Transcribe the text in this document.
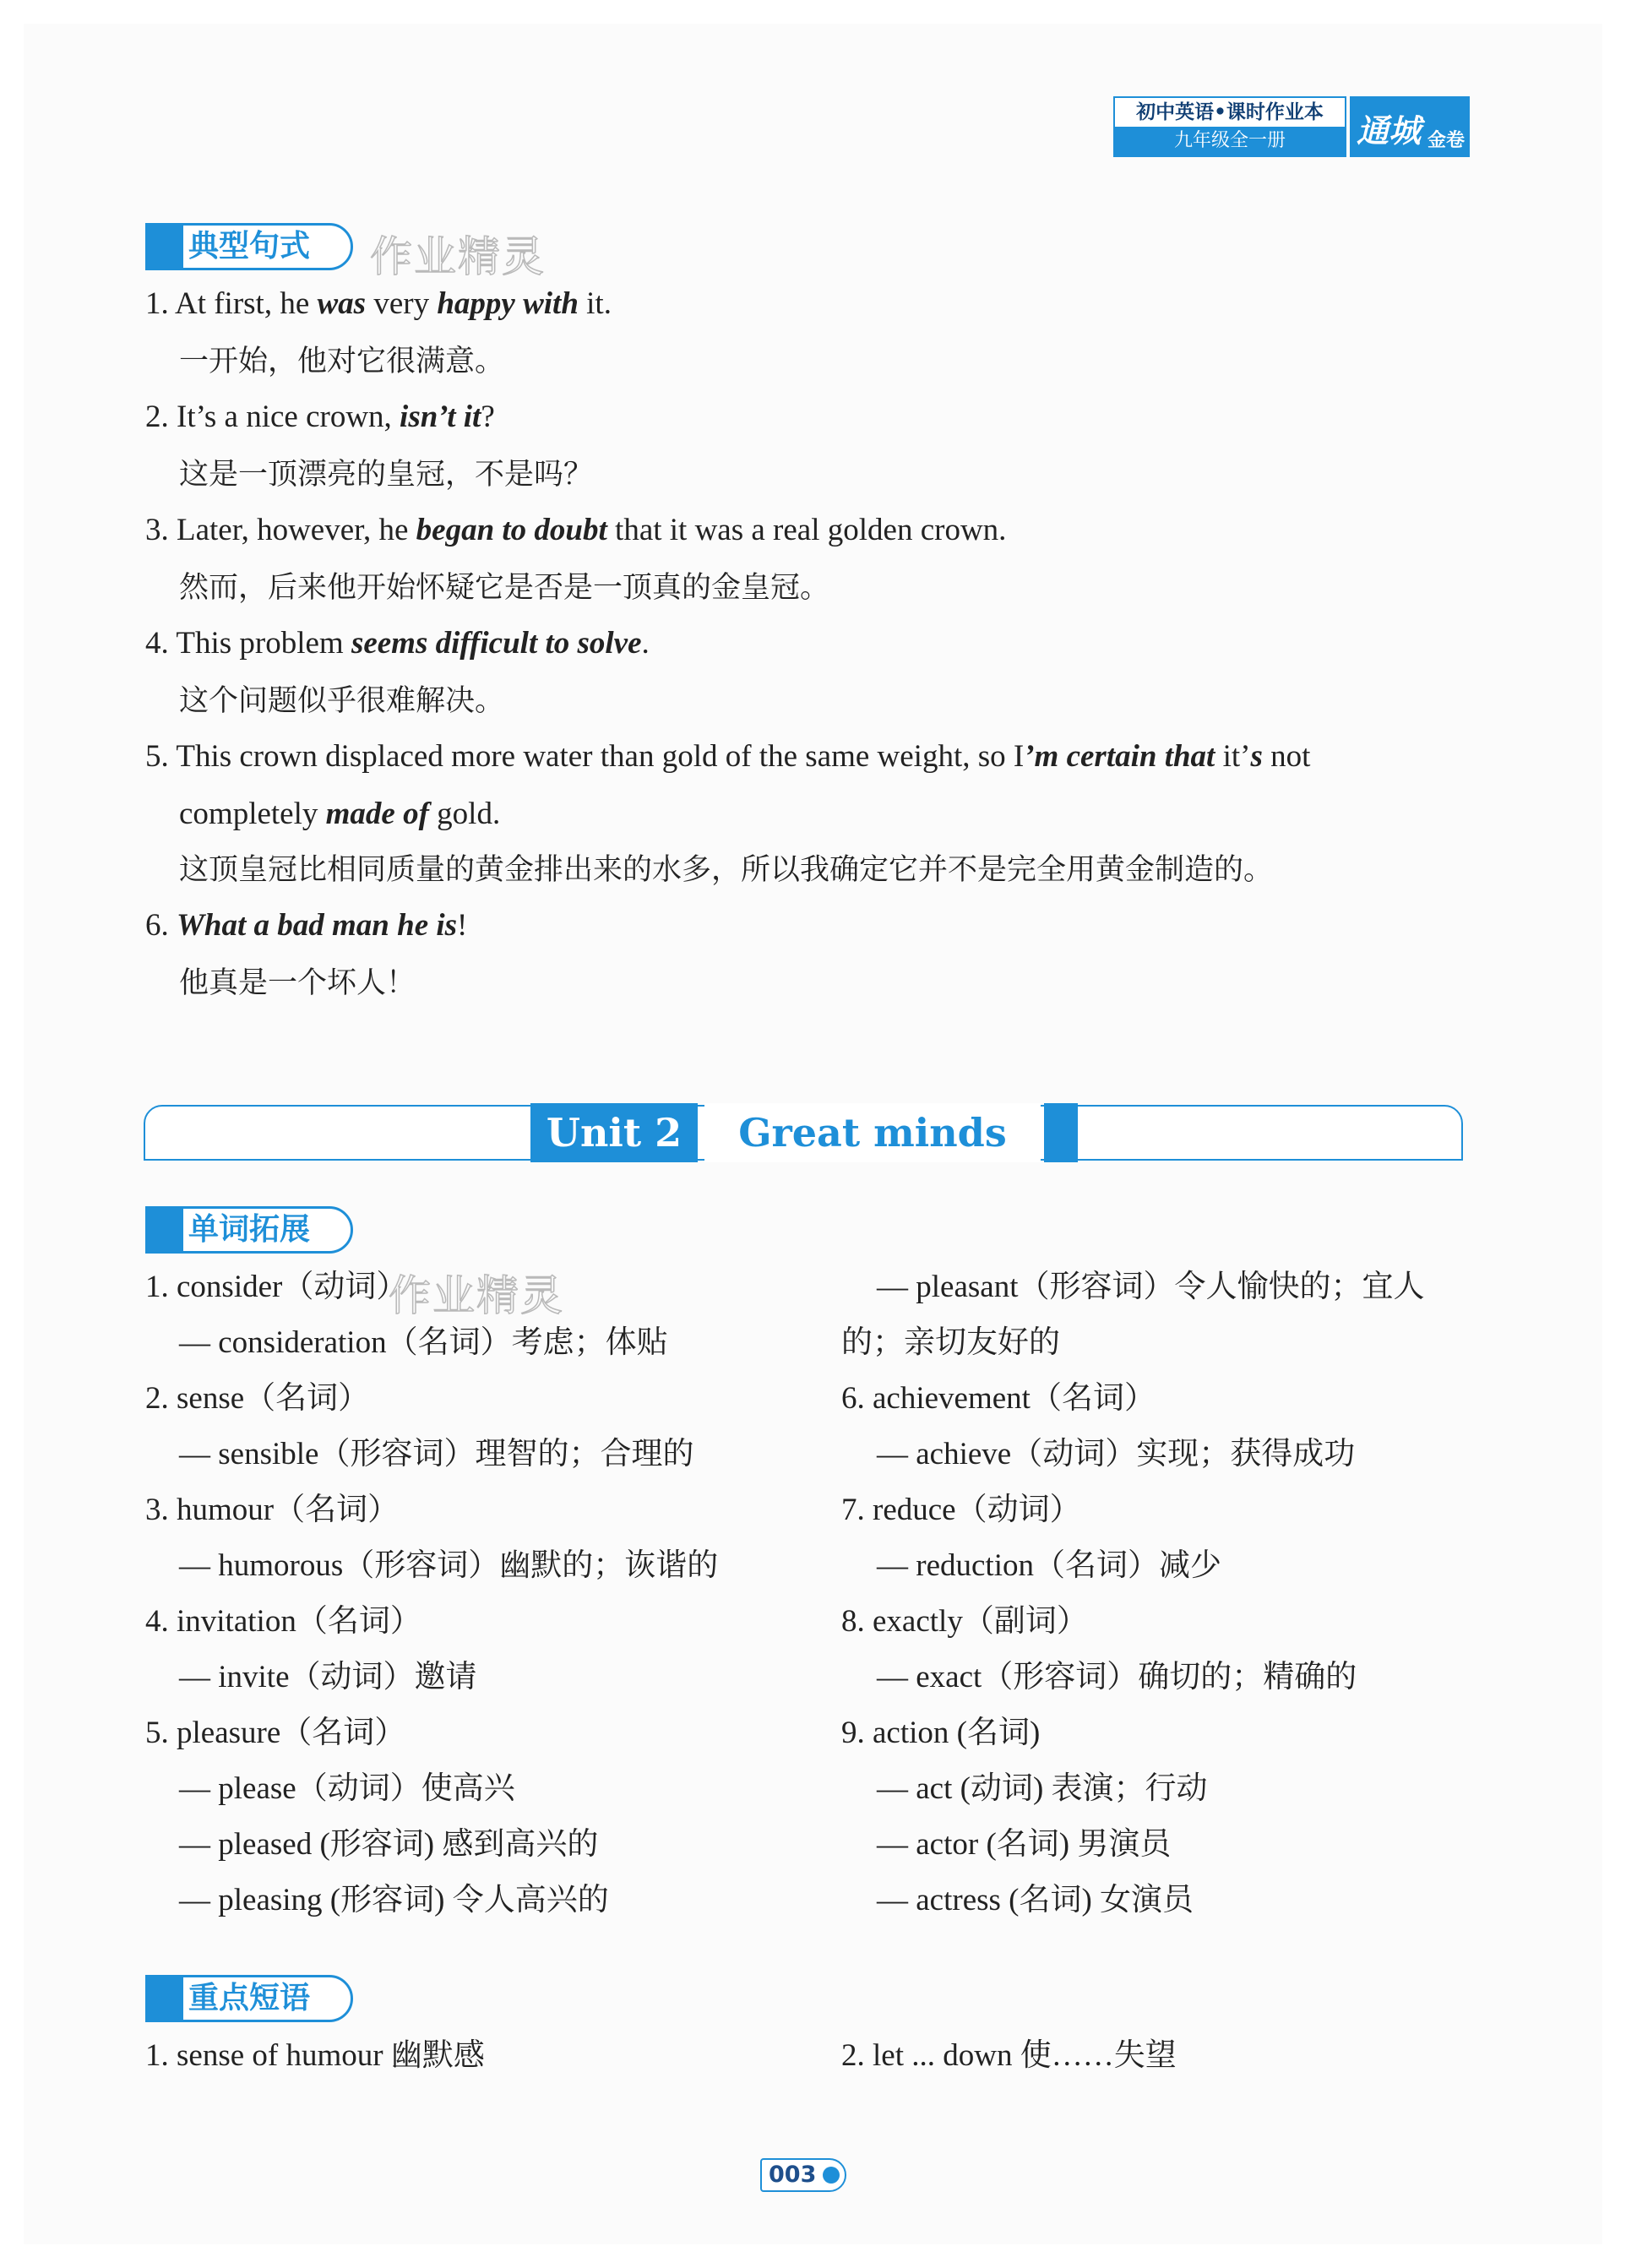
初中英语•课时作业本
九年级全一册	通城 金卷
典型句式 作业精灵
1. At first, he was very happy with it.
一开始，他对它很满意。
2. It’s a nice crown, isn’t it?
这是一顶漂亮的皇冠，不是吗？
3. Later, however, he began to doubt that it was a real golden crown.
然而，后来他开始怀疑它是否是一顶真的金皇冠。
4. This problem seems difficult to solve.
这个问题似乎很难解决。
5. This crown displaced more water than gold of the same weight, so I’m certain that it’s not
completely made of gold.
这顶皇冠比相同质量的黄金排出来的水多，所以我确定它并不是完全用黄金制造的。
6. What a bad man he is!
他真是一个坏人！
Unit 2	Great minds
单词拓展
作业精灵
1. consider（动词）
— consideration（名词）考虑；体贴
2. sense（名词）
— sensible（形容词）理智的；合理的
3. humour（名词）
— humorous（形容词）幽默的；诙谐的
4. invitation（名词）
— invite（动词）邀请
5. pleasure（名词）
— please（动词）使高兴
— pleased (形容词) 感到高兴的
— pleasing (形容词) 令人高兴的
— pleasant（形容词）令人愉快的；宜人
的；亲切友好的
6. achievement（名词）
— achieve（动词）实现；获得成功
7. reduce（动词）
— reduction（名词）减少
8. exactly（副词）
— exact（形容词）确切的；精确的
9. action (名词)
— act (动词) 表演；行动
— actor (名词) 男演员
— actress (名词) 女演员
重点短语
1. sense of humour 幽默感	2. let ... down 使……失望
003
